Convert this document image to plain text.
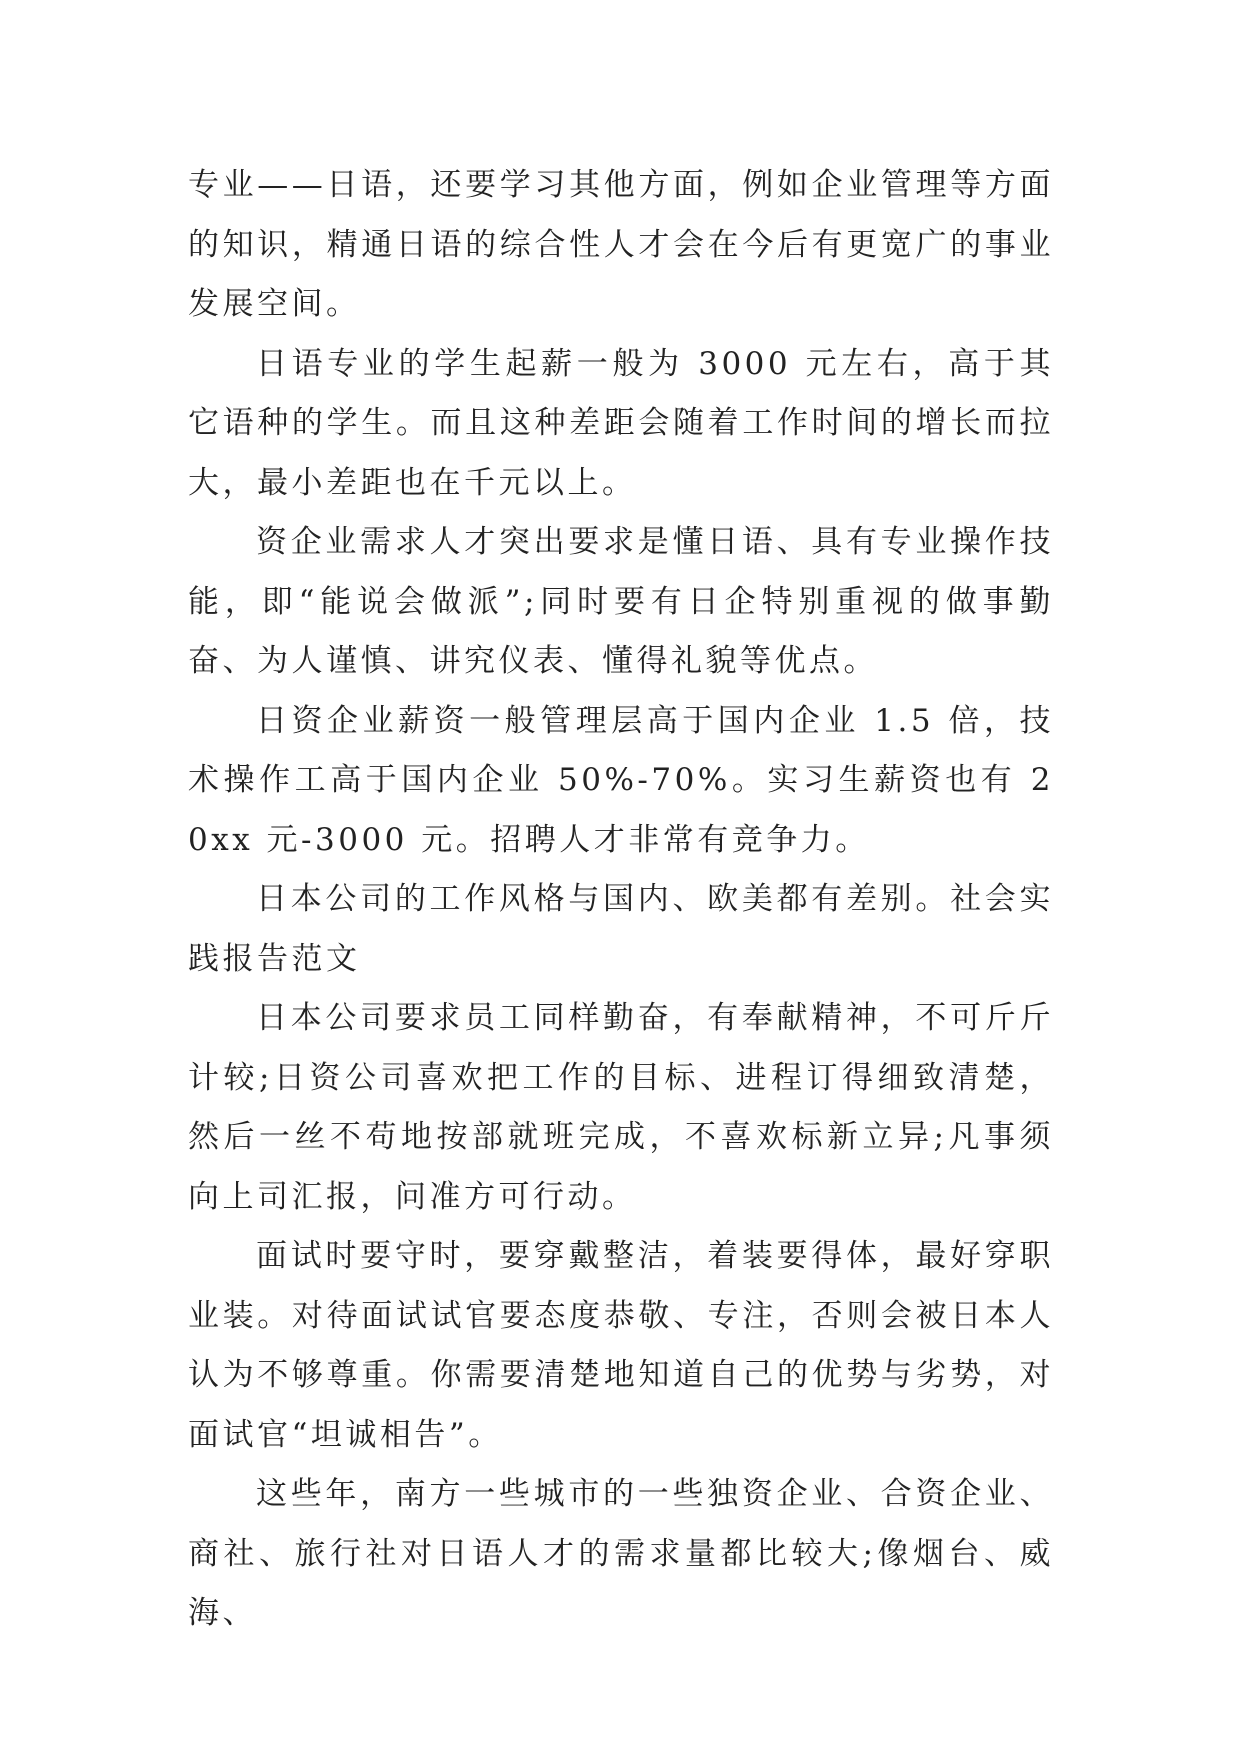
专业——日语，还要学习其他方面，例如企业管理等方面的知识，精通日语的综合性人才会在今后有更宽广的事业发展空间。

日语专业的学生起薪一般为 3000 元左右，高于其它语种的学生。而且这种差距会随着工作时间的增长而拉大，最小差距也在千元以上。

资企业需求人才突出要求是懂日语、具有专业操作技能，即“能说会做派”;同时要有日企特别重视的做事勤奋、为人谨慎、讲究仪表、懂得礼貌等优点。

日资企业薪资一般管理层高于国内企业 1.5 倍，技术操作工高于国内企业 50%-70%。实习生薪资也有 20xx 元-3000 元。招聘人才非常有竞争力。

日本公司的工作风格与国内、欧美都有差别。社会实践报告范文

日本公司要求员工同样勤奋，有奉献精神，不可斤斤计较;日资公司喜欢把工作的目标、进程订得细致清楚，然后一丝不苟地按部就班完成，不喜欢标新立异;凡事须向上司汇报，问准方可行动。

面试时要守时，要穿戴整洁，着装要得体，最好穿职业装。对待面试试官要态度恭敬、专注，否则会被日本人认为不够尊重。你需要清楚地知道自己的优势与劣势，对面试官“坦诚相告”。

这些年，南方一些城市的一些独资企业、合资企业、商社、旅行社对日语人才的需求量都比较大;像烟台、威海、
